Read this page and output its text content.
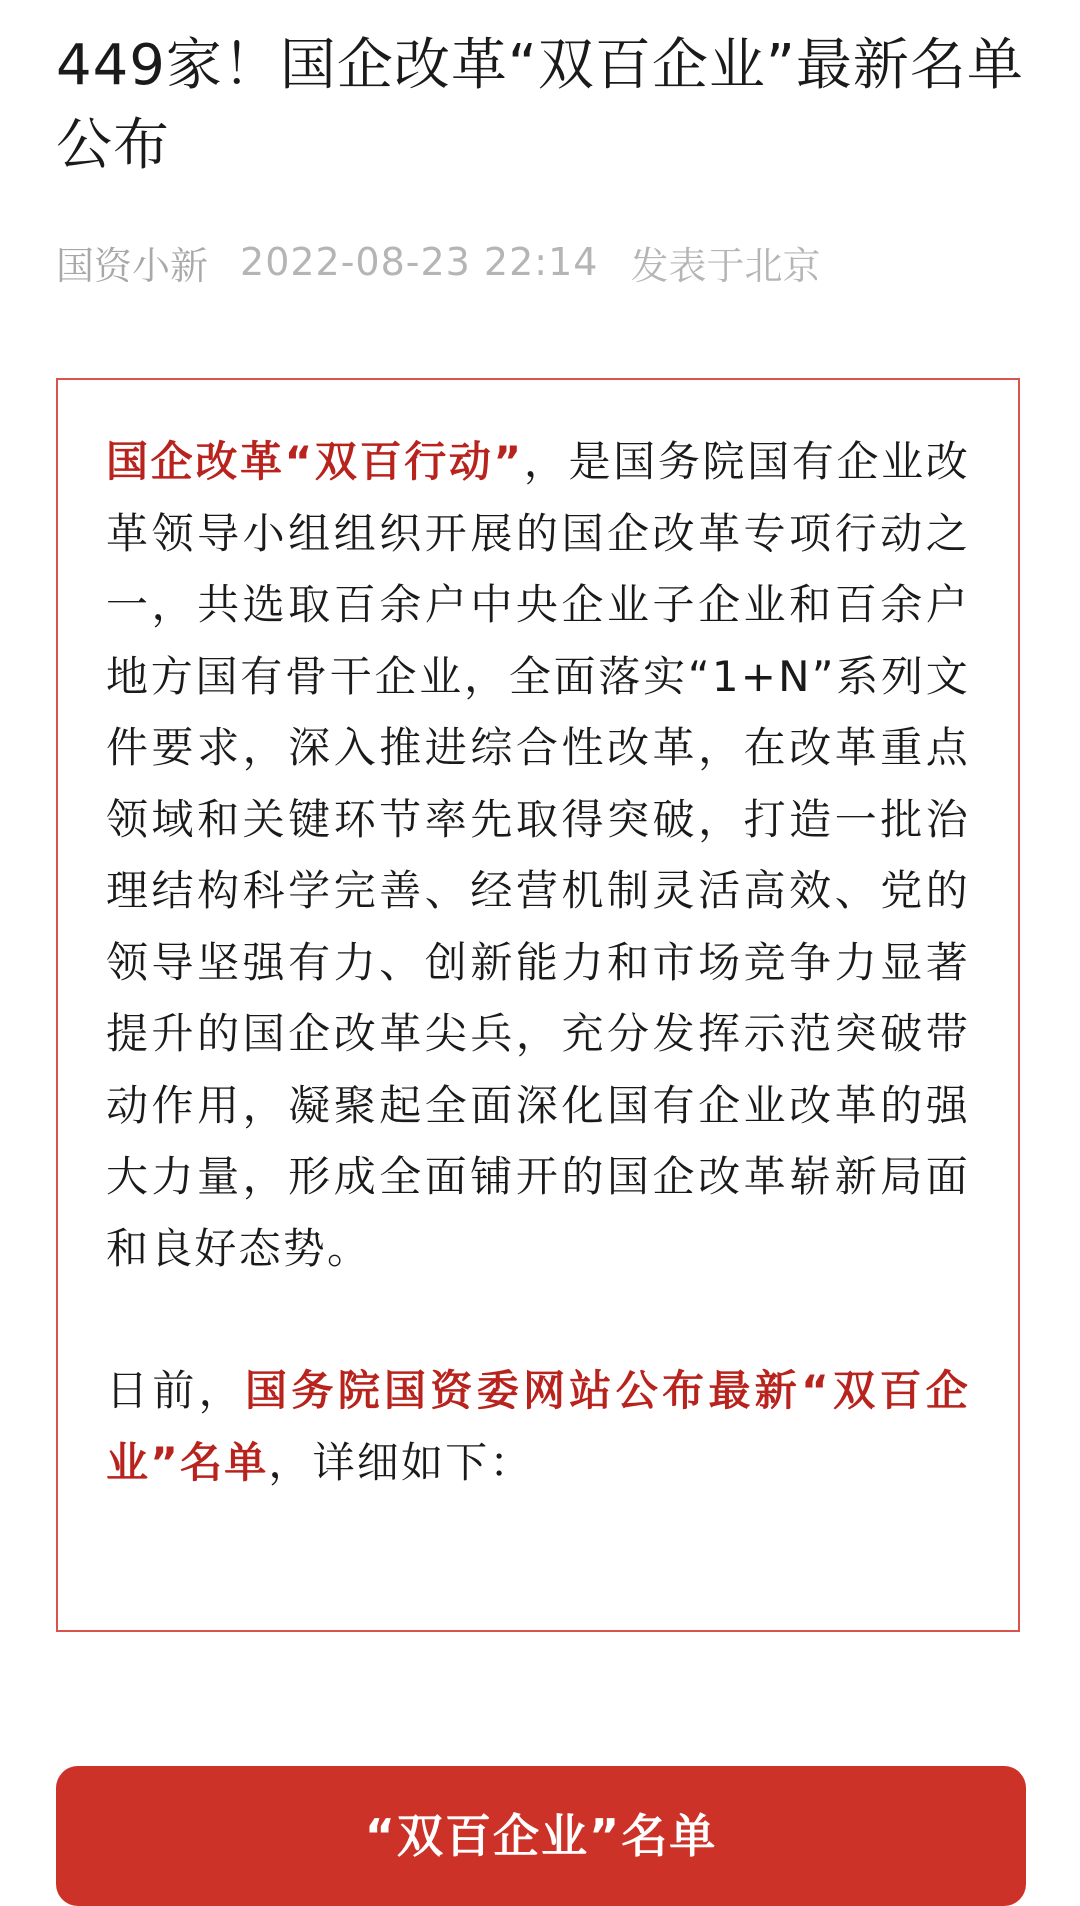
449家！国企改革“双百企业”最新名单公布
国资小新 2022-08-23 22:14 发表于北京

国企改革“双百行动”，是国务院国有企业改革领导小组组织开展的国企改革专项行动之一，共选取百余户中央企业子企业和百余户地方国有骨干企业，全面落实“1+N”系列文件要求，深入推进综合性改革，在改革重点领域和关键环节率先取得突破，打造一批治理结构科学完善、经营机制灵活高效、党的领导坚强有力、创新能力和市场竞争力显著提升的国企改革尖兵，充分发挥示范突破带动作用，凝聚起全面深化国有企业改革的强大力量，形成全面铺开的国企改革崭新局面和良好态势。

日前，国务院国资委网站公布最新“双百企业”名单，详细如下：

“双百企业”名单
